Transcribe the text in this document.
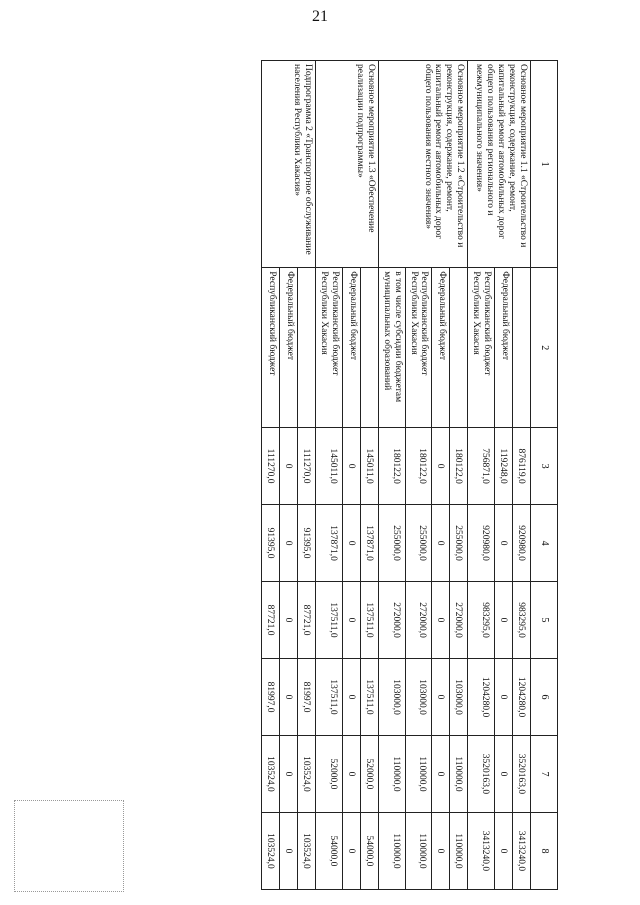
21
1	2	3	4	5	6	7	8
Основное мероприятие 1.1 «Строительство и реконструкция, содержание, ремонт, капитальный ремонт автомобильных дорог общего пользования регионального и межмуниципального значения»		876119,0	920980,0	983295,0	1204280,0	3520163,0	3413240,0
	Федеральный бюджет	119248,0	0	0	0	0	0
	Республиканский бюджет Республики Хакасия	756871,0	920980,0	983295,0	1204280,0	3520163,0	3413240,0
Основное мероприятие 1.2 «Строительство и реконструкция, содержание, ремонт, капитальный ремонт автомобильных дорог общего пользования местного значения»		180122,0	255000,0	272000,0	103000,0	110000,0	110000,0
	Федеральный бюджет	0	0	0	0	0	0
	Республиканский бюджет Республики Хакасия	180122,0	255000,0	272000,0	103000,0	110000,0	110000,0
	в том числе субсидии бюджетам муниципальных образований	180122,0	255000,0	272000,0	103000,0	110000,0	110000,0
Основное мероприятие 1.3 «Обеспечение реализации подпрограммы»		145011,0	137871,0	137511,0	137511,0	52000,0	54000,0
	Федеральный бюджет	0	0	0	0	0	0
	Республиканский бюджет Республики Хакасия	145011,0	137871,0	137511,0	137511,0	52000,0	54000,0
Подпрограмма 2 «Транспортное обслуживание населения Республики Хакасия»		111270,0	91395,0	87721,0	81997,0	103524,0	103524,0
	Федеральный бюджет	0	0	0	0	0	0
	Республиканский бюджет	111270,0	91395,0	87721,0	81997,0	103524,0	103524,0
